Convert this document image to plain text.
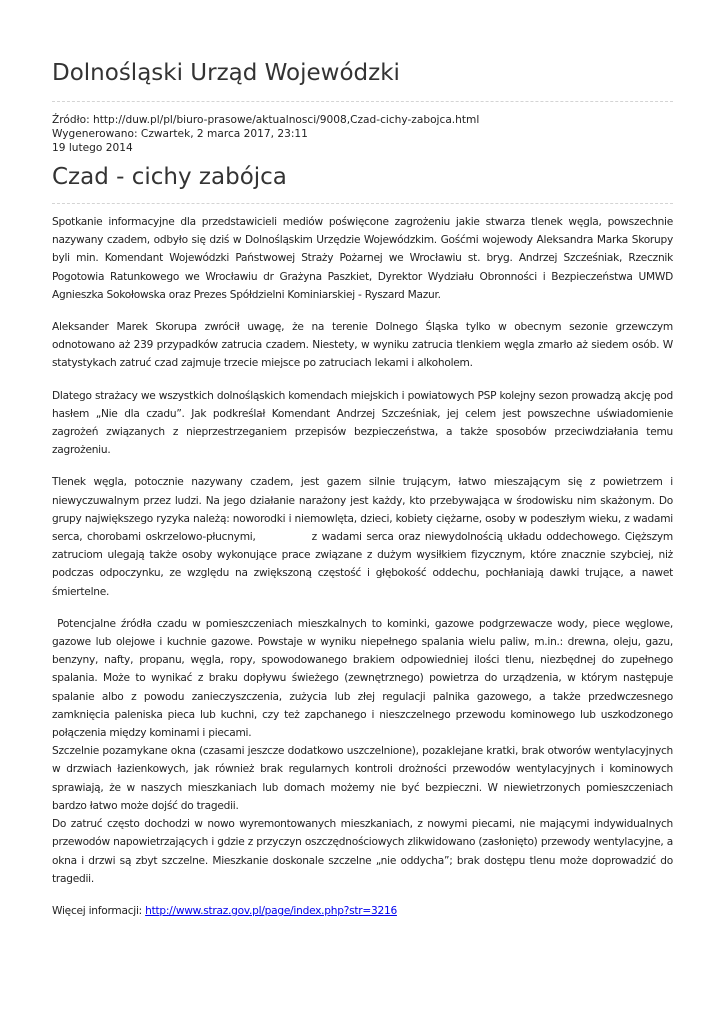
Dolnośląski Urząd Wojewódzki
Źródło: http://duw.pl/pl/biuro-prasowe/aktualnosci/9008,Czad-cichy-zabojca.html
Wygenerowano: Czwartek, 2 marca 2017, 23:11
19 lutego 2014
Czad - cichy zabójca

Spotkanie informacyjne dla przedstawicieli mediów poświęcone zagrożeniu jakie stwarza tlenek węgla, powszechnie nazywany czadem, odbyło się dziś w Dolnośląskim Urzędzie Wojewódzkim. Gośćmi wojewody Aleksandra Marka Skorupy byli min. Komendant Wojewódzki Państwowej Straży Pożarnej we Wrocławiu st. bryg. Andrzej Szcześniak, Rzecznik Pogotowia Ratunkowego we Wrocławiu dr Grażyna Paszkiet, Dyrektor Wydziału Obronności i Bezpieczeństwa UMWD Agnieszka Sokołowska oraz Prezes Spółdzielni Kominiarskiej - Ryszard Mazur.

Aleksander Marek Skorupa zwrócił uwagę, że na terenie Dolnego Śląska tylko w obecnym sezonie grzewczym odnotowano aż 239 przypadków zatrucia czadem. Niestety, w wyniku zatrucia tlenkiem węgla zmarło aż siedem osób. W statystykach zatruć czad zajmuje trzecie miejsce po zatruciach lekami i alkoholem.

Dlatego strażacy we wszystkich dolnośląskich komendach miejskich i powiatowych PSP kolejny sezon prowadzą akcję pod hasłem „Nie dla czadu”. Jak podkreślał Komendant Andrzej Szcześniak, jej celem jest powszechne uświadomienie zagrożeń związanych z nieprzestrzeganiem przepisów bezpieczeństwa, a także sposobów przeciwdziałania temu zagrożeniu.

Tlenek węgla, potocznie nazywany czadem, jest gazem silnie trującym, łatwo mieszającym się z powietrzem i niewyczuwalnym przez ludzi. Na jego działanie narażony jest każdy, kto przebywająca w środowisku nim skażonym. Do grupy największego ryzyka należą: noworodki i niemowlęta, dzieci, kobiety ciężarne, osoby w podeszłym wieku, z wadami serca, chorobami oskrzelowo-płucnymi,	z wadami serca oraz niewydolnością układu oddechowego. Cięższym zatruciom ulegają także osoby wykonujące prace związane z dużym wysiłkiem fizycznym, które znacznie szybciej, niż podczas odpoczynku, ze względu na zwiększoną częstość i głębokość oddechu, pochłaniają dawki trujące, a nawet śmiertelne.

Potencjalne źródła czadu w pomieszczeniach mieszkalnych to kominki, gazowe podgrzewacze wody, piece węglowe, gazowe lub olejowe i kuchnie gazowe. Powstaje w wyniku niepełnego spalania wielu paliw, m.in.: drewna, oleju, gazu, benzyny, nafty, propanu, węgla, ropy, spowodowanego brakiem odpowiedniej ilości tlenu, niezbędnej do zupełnego spalania. Może to wynikać z braku dopływu świeżego (zewnętrznego) powietrza do urządzenia, w którym następuje spalanie albo z powodu zanieczyszczenia, zużycia lub złej regulacji palnika gazowego, a także przedwczesnego zamknięcia paleniska pieca lub kuchni, czy też zapchanego i nieszczelnego przewodu kominowego lub uszkodzonego połączenia między kominami i piecami.

Szczelnie pozamykane okna (czasami jeszcze dodatkowo uszczelnione), pozaklejane kratki, brak otworów wentylacyjnych w drzwiach łazienkowych, jak również brak regularnych kontroli drożności przewodów wentylacyjnych i kominowych sprawiają, że w naszych mieszkaniach lub domach możemy nie być bezpieczni. W niewietrzonych pomieszczeniach bardzo łatwo może dojść do tragedii.

Do zatruć często dochodzi w nowo wyremontowanych mieszkaniach, z nowymi piecami, nie mającymi indywidualnych przewodów napowietrzających i gdzie z przyczyn oszczędnościowych zlikwidowano (zasłonięto) przewody wentylacyjne, a okna i drzwi są zbyt szczelne. Mieszkanie doskonale szczelne „nie oddycha”; brak dostępu tlenu może doprowadzić do tragedii.

Więcej informacji: http://www.straz.gov.pl/page/index.php?str=3216
